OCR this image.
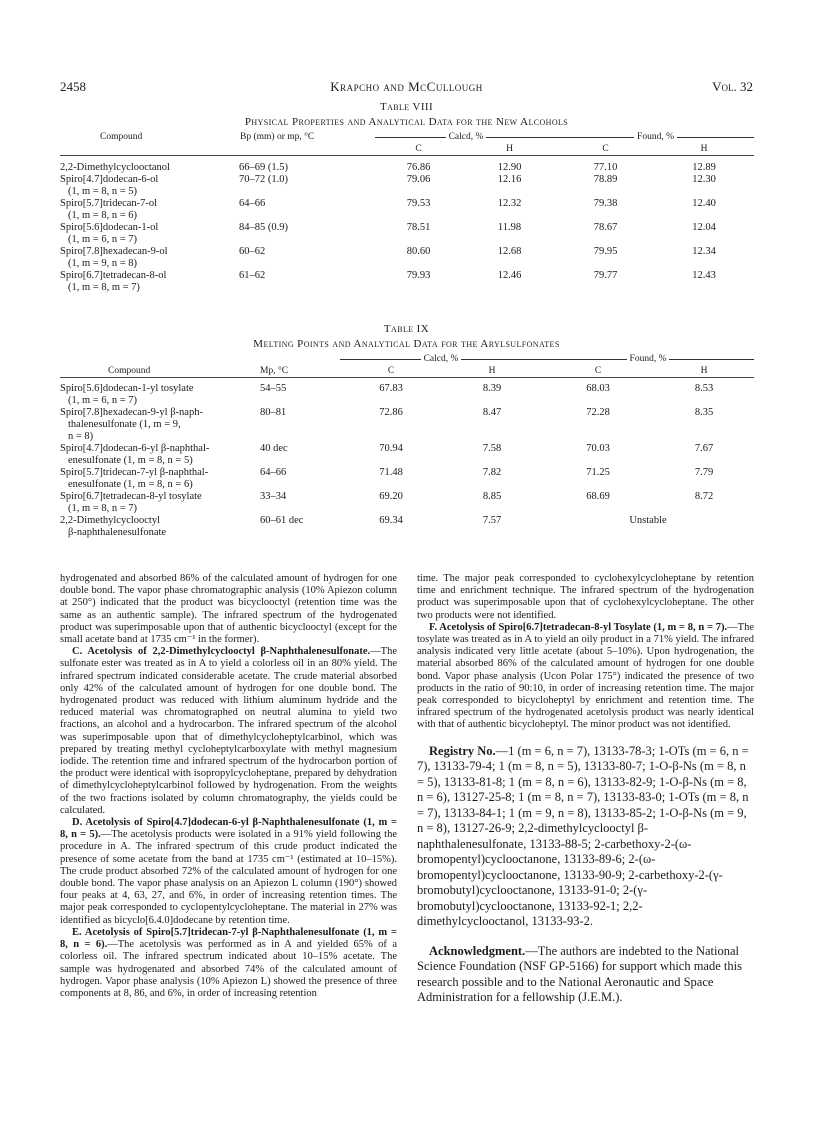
2458	Krapcho and McCullough	Vol. 32
Table VIII
Physical Properties and Analytical Data for the New Alcohols
Compound	Bp (mm) or mp, °C	Calcd, %		Found, %	

		C	H	C	H

2,2-Dimethylcyclooctanol	66–69 (1.5)	76.86	12.90	77.10	12.89

Spiro[4.7]dodecan-6-ol
(1, m = 8, n = 5)	70–72 (1.0)	79.06	12.16	78.89	12.30

Spiro[5.7]tridecan-7-ol
(1, m = 8, n = 6)	64–66	79.53	12.32	79.38	12.40

Spiro[5.6]dodecan-1-ol
(1, m = 6, n = 7)	84–85 (0.9)	78.51	11.98	78.67	12.04

Spiro[7.8]hexadecan-9-ol
(1, m = 9, n = 8)	60–62	80.60	12.68	79.95	12.34

Spiro[6.7]tetradecan-8-ol
(1, m = 8, m = 7)	61–62	79.93	12.46	79.77	12.43
Table IX
Melting Points and Analytical Data for the Arylsulfonates

		Calcd, %		Found, %	

Compound	Mp, °C	C	H	C	H

Spiro[5.6]dodecan-1-yl tosylate
(1, m = 6, n = 7)	54–55	67.83	8.39	68.03	8.53

Spiro[7.8]hexadecan-9-yl β-naph-
thalenesulfonate (1, m = 9,
n = 8)	80–81	72.86	8.47	72.28	8.35

Spiro[4.7]dodecan-6-yl β-naphthal-
enesulfonate (1, m = 8, n = 5)	40 dec	70.94	7.58	70.03	7.67

Spiro[5.7]tridecan-7-yl β-naphthal-
enesulfonate (1, m = 8, n = 6)	64–66	71.48	7.82	71.25	7.79

Spiro[6.7]tetradecan-8-yl tosylate
(1, m = 8, n = 7)	33–34	69.20	8.85	68.69	8.72

2,2-Dimethylcyclooctyl
β-naphthalenesulfonate	60–61 dec	69.34	7.57	Unstable	

hydrogenated and absorbed 86% of the calculated amount of hydrogen for one double bond. The vapor phase chromatographic analysis (10% Apiezon column at 250°) indicated that the product was bicyclooctyl (retention time was the same as an authentic sample). The infrared spectrum of the hydrogenated product was superimposable upon that of authentic bicyclooctyl (except for the small acetate band at 1735 cm⁻¹ in the former).

C. Acetolysis of 2,2-Dimethylcyclooctyl β-Naphthalenesulfonate.—The sulfonate ester was treated as in A to yield a colorless oil in an 80% yield. The infrared spectrum indicated considerable acetate. The crude material absorbed only 42% of the calculated amount of hydrogen for one double bond. The hydrogenated product was reduced with lithium aluminum hydride and the reduced material was chromatographed on neutral alumina to yield two fractions, an alcohol and a hydrocarbon. The infrared spectrum of the alcohol was superimposable upon that of dimethylcycloheptylcarbinol, which was prepared by treating methyl cycloheptylcarboxylate with methyl magnesium iodide. The retention time and infrared spectrum of the hydrocarbon portion of the product were identical with isopropylcycloheptane, prepared by dehydration of dimethylcycloheptylcarbinol followed by hydrogenation. From the weights of the two fractions isolated by column chromatography, the yields could be calculated.

D. Acetolysis of Spiro[4.7]dodecan-6-yl β-Naphthalenesulfonate (1, m = 8, n = 5).—The acetolysis products were isolated in a 91% yield following the procedure in A. The infrared spectrum of this crude product indicated the presence of some acetate from the band at 1735 cm⁻¹ (estimated at 10–15%). The crude product absorbed 72% of the calculated amount of hydrogen for one double bond. The vapor phase analysis on an Apiezon L column (190°) showed four peaks at 4, 63, 27, and 6%, in order of increasing retention times. The major peak corresponded to cyclopentylcycloheptane. The material in 27% was identified as bicyclo[6.4.0]dodecane by retention time.

E. Acetolysis of Spiro[5.7]tridecan-7-yl β-Naphthalenesulfonate (1, m = 8, n = 6).—The acetolysis was performed as in A and yielded 65% of a colorless oil. The infrared spectrum indicated about 10–15% acetate. The sample was hydrogenated and absorbed 74% of the calculated amount of hydrogen. Vapor phase analysis (10% Apiezon L) showed the presence of three components at 8, 86, and 6%, in order of increasing retention

time. The major peak corresponded to cyclohexylcycloheptane by retention time and enrichment technique. The infrared spectrum of the hydrogenation product was superimposable upon that of cyclohexylcycloheptane. The other two products were not identified.

F. Acetolysis of Spiro[6.7]tetradecan-8-yl Tosylate (1, m = 8, n = 7).—The tosylate was treated as in A to yield an oily product in a 71% yield. The infrared analysis indicated very little acetate (about 5–10%). Upon hydrogenation, the material absorbed 86% of the calculated amount of hydrogen for one double bond. Vapor phase analysis (Ucon Polar 175°) indicated the presence of two products in the ratio of 90:10, in order of increasing retention time. The major peak corresponded to bicycloheptyl by enrichment and retention time. The infrared spectrum of the hydrogenated acetolysis product was nearly identical with that of authentic bicycloheptyl. The minor product was not identified.

Registry No.—1 (m = 6, n = 7), 13133-78-3; 1-OTs (m = 6, n = 7), 13133-79-4; 1 (m = 8, n = 5), 13133-80-7; 1-O-β-Ns (m = 8, n = 5), 13133-81-8; 1 (m = 8, n = 6), 13133-82-9; 1-O-β-Ns (m = 8, n = 6), 13127-25-8; 1 (m = 8, n = 7), 13133-83-0; 1-OTs (m = 8, n = 7), 13133-84-1; 1 (m = 9, n = 8), 13133-85-2; 1-O-β-Ns (m = 9, n = 8), 13127-26-9; 2,2-dimethylcyclooctyl β-naphthalenesulfonate, 13133-88-5; 2-carbethoxy-2-(ω-bromopentyl)cyclooctanone, 13133-89-6; 2-(ω-bromopentyl)cyclooctanone, 13133-90-9; 2-carbethoxy-2-(γ-bromobutyl)cyclooctanone, 13133-91-0; 2-(γ-bromobutyl)cyclooctanone, 13133-92-1; 2,2-dimethylcyclooctanol, 13133-93-2.

Acknowledgment.—The authors are indebted to the National Science Foundation (NSF GP-5166) for support which made this research possible and to the National Aeronautic and Space Administration for a fellowship (J.E.M.).
